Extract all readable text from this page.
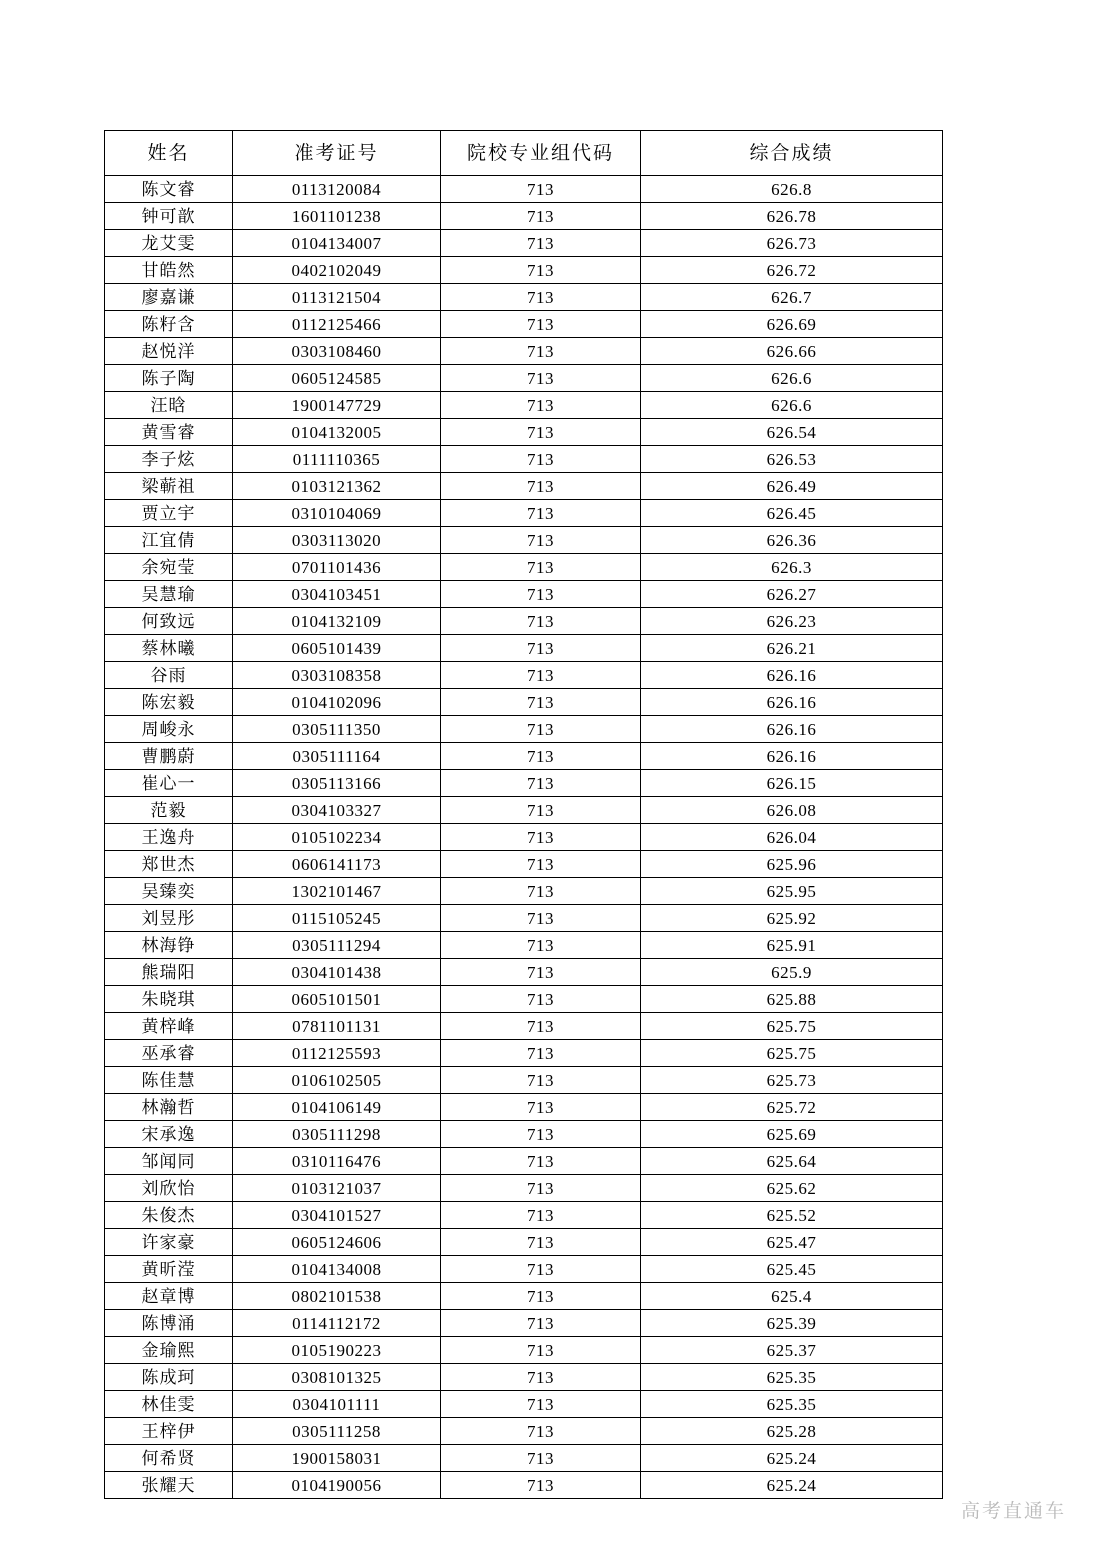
姓名	准考证号	院校专业组代码	综合成绩
陈文睿	0113120084	713	626.8
钟可歆	1601101238	713	626.78
龙艾雯	0104134007	713	626.73
甘皓然	0402102049	713	626.72
廖嘉谦	0113121504	713	626.7
陈籽含	0112125466	713	626.69
赵悦洋	0303108460	713	626.66
陈子陶	0605124585	713	626.6
汪晗	1900147729	713	626.6
黄雪睿	0104132005	713	626.54
李子炫	0111110365	713	626.53
梁蕲祖	0103121362	713	626.49
贾立宇	0310104069	713	626.45
江宜倩	0303113020	713	626.36
余宛莹	0701101436	713	626.3
吴慧瑜	0304103451	713	626.27
何致远	0104132109	713	626.23
蔡林曦	0605101439	713	626.21
谷雨	0303108358	713	626.16
陈宏毅	0104102096	713	626.16
周峻永	0305111350	713	626.16
曹鹏蔚	0305111164	713	626.16
崔心一	0305113166	713	626.15
范毅	0304103327	713	626.08
王逸舟	0105102234	713	626.04
郑世杰	0606141173	713	625.96
吴臻奕	1302101467	713	625.95
刘昱彤	0115105245	713	625.92
林海铮	0305111294	713	625.91
熊瑞阳	0304101438	713	625.9
朱晓琪	0605101501	713	625.88
黄梓峰	0781101131	713	625.75
巫承睿	0112125593	713	625.75
陈佳慧	0106102505	713	625.73
林瀚哲	0104106149	713	625.72
宋承逸	0305111298	713	625.69
邹闻同	0310116476	713	625.64
刘欣怡	0103121037	713	625.62
朱俊杰	0304101527	713	625.52
许家豪	0605124606	713	625.47
黄昕滢	0104134008	713	625.45
赵章博	0802101538	713	625.4
陈博涌	0114112172	713	625.39
金瑜熙	0105190223	713	625.37
陈成珂	0308101325	713	625.35
林佳雯	0304101111	713	625.35
王梓伊	0305111258	713	625.28
何希贤	1900158031	713	625.24
张耀天	0104190056	713	625.24
高考直通车
